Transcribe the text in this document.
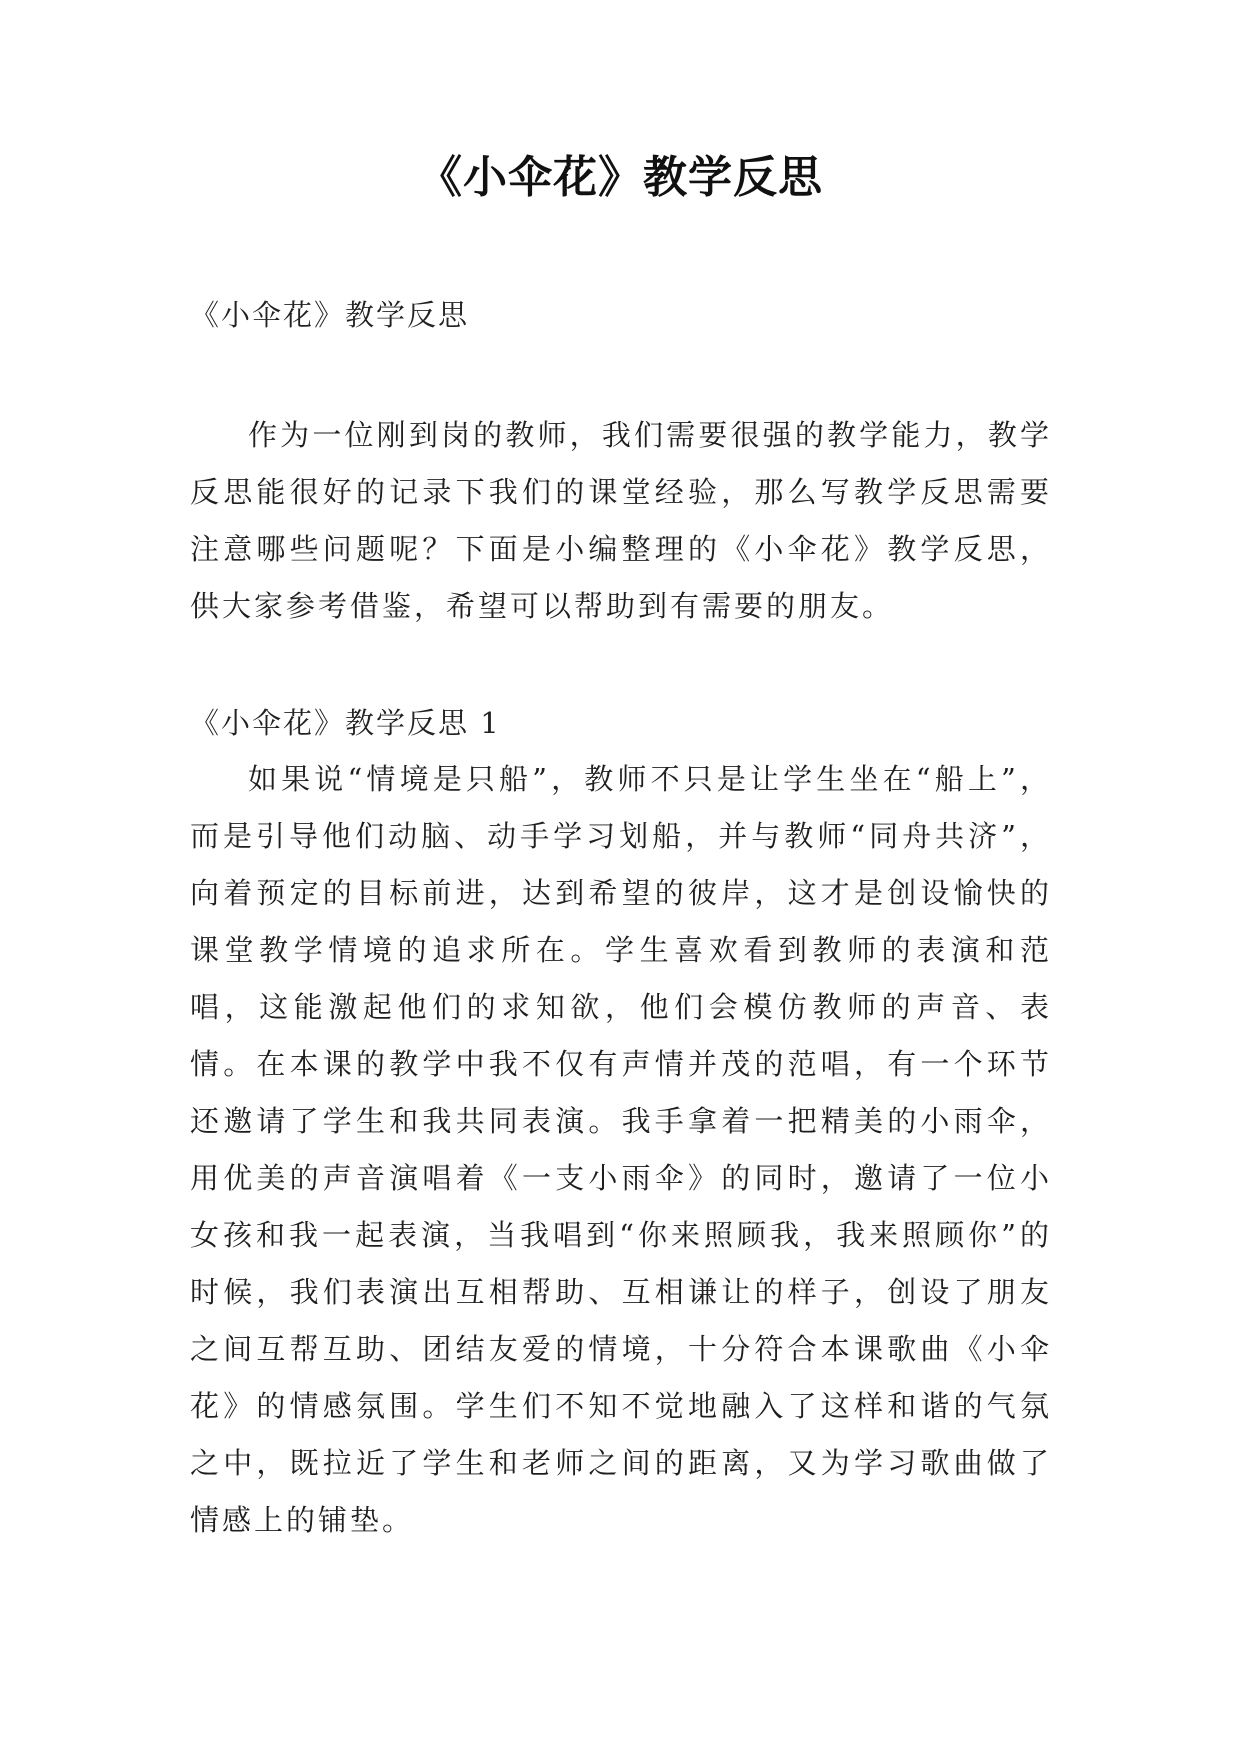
《小伞花》教学反思
《小伞花》教学反思

作为一位刚到岗的教师，我们需要很强的教学能力，教学反思能很好的记录下我们的课堂经验，那么写教学反思需要注意哪些问题呢？下面是小编整理的《小伞花》教学反思，供大家参考借鉴，希望可以帮助到有需要的朋友。

《小伞花》教学反思 1

如果说“情境是只船”，教师不只是让学生坐在“船上”，而是引导他们动脑、动手学习划船，并与教师“同舟共济”，向着预定的目标前进，达到希望的彼岸，这才是创设愉快的课堂教学情境的追求所在。学生喜欢看到教师的表演和范唱，这能激起他们的求知欲，他们会模仿教师的声音、表情。在本课的教学中我不仅有声情并茂的范唱，有一个环节还邀请了学生和我共同表演。我手拿着一把精美的小雨伞，用优美的声音演唱着《一支小雨伞》的同时，邀请了一位小女孩和我一起表演，当我唱到“你来照顾我，我来照顾你”的时候，我们表演出互相帮助、互相谦让的样子，创设了朋友之间互帮互助、团结友爱的情境，十分符合本课歌曲《小伞花》的情感氛围。学生们不知不觉地融入了这样和谐的气氛之中，既拉近了学生和老师之间的距离，又为学习歌曲做了情感上的铺垫。
